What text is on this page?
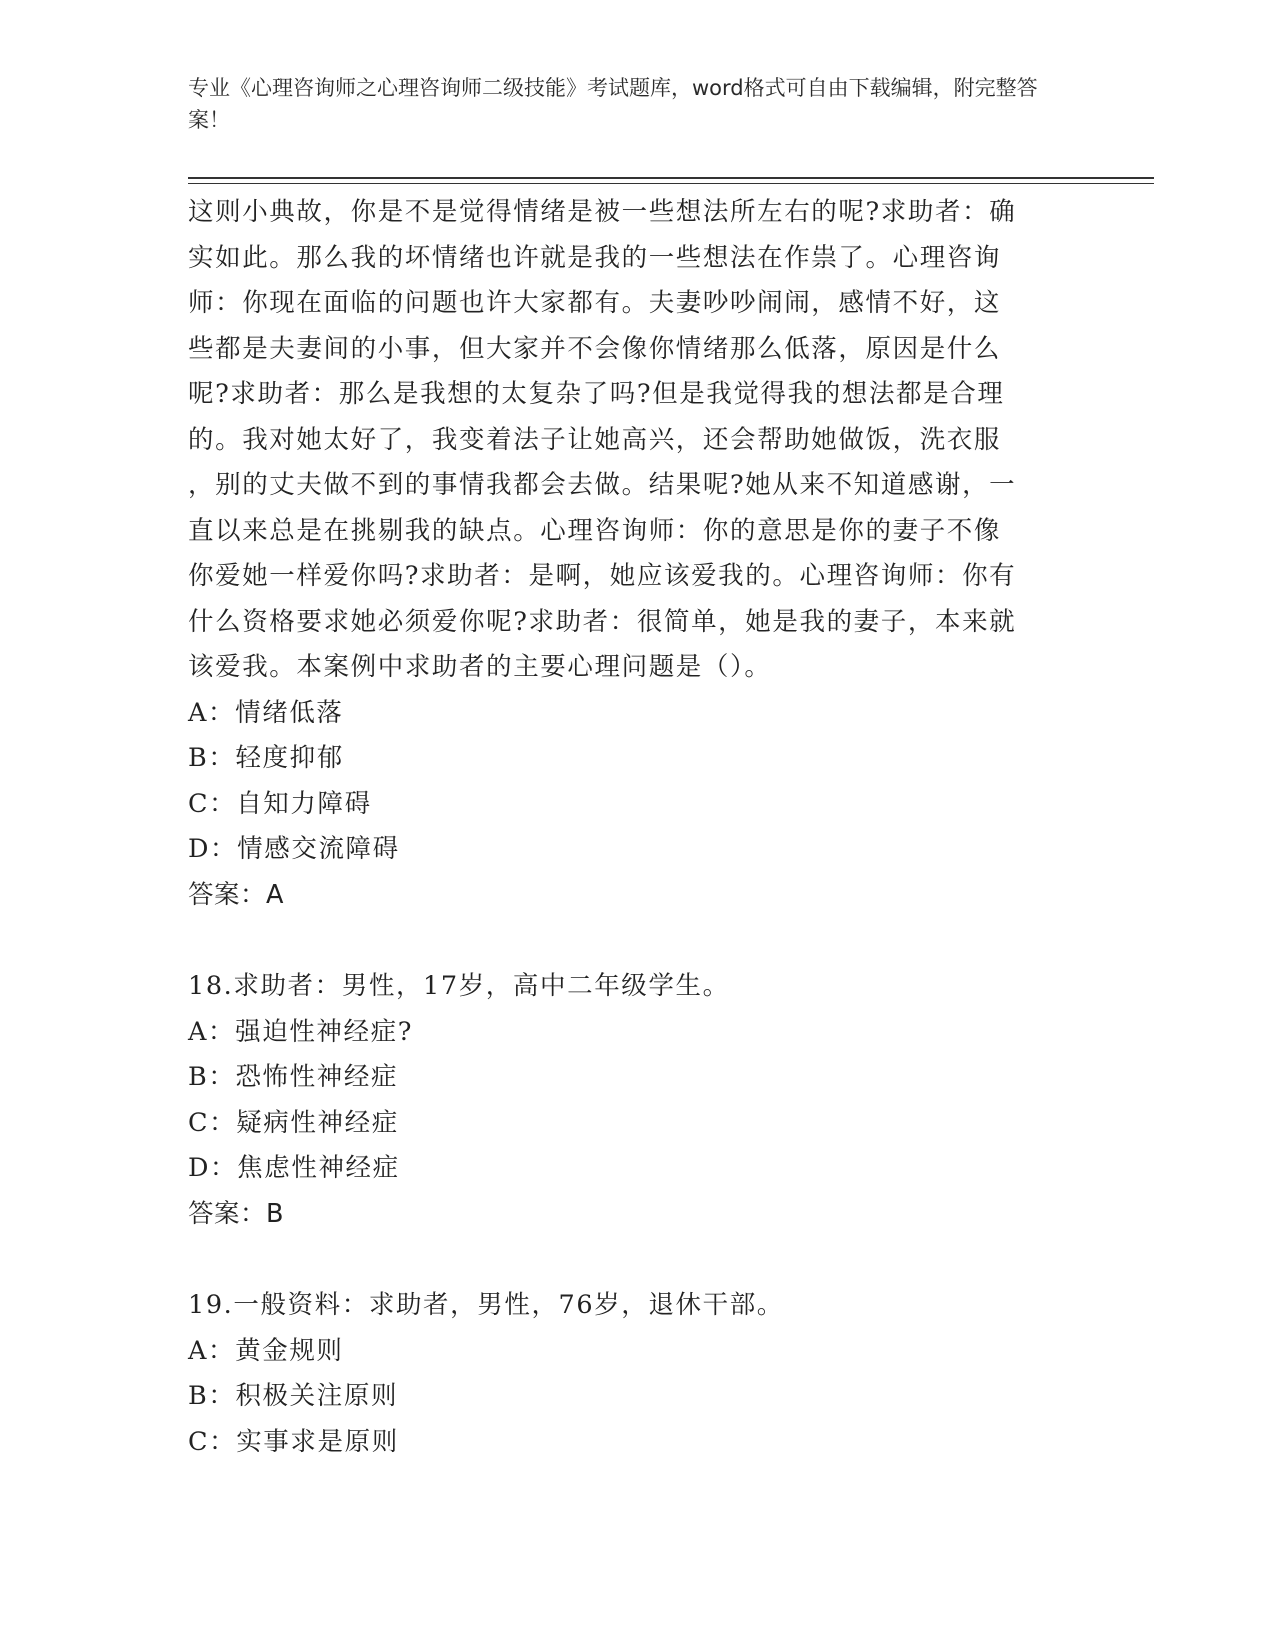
专业《心理咨询师之心理咨询师二级技能》考试题库，word格式可自由下载编辑，附完整答案！

这则小典故，你是不是觉得情绪是被一些想法所左右的呢?求助者：确

实如此。那么我的坏情绪也许就是我的一些想法在作祟了。心理咨询

师：你现在面临的问题也许大家都有。夫妻吵吵闹闹，感情不好，这

些都是夫妻间的小事，但大家并不会像你情绪那么低落，原因是什么

呢?求助者：那么是我想的太复杂了吗?但是我觉得我的想法都是合理

的。我对她太好了，我变着法子让她高兴，还会帮助她做饭，洗衣服

，别的丈夫做不到的事情我都会去做。结果呢?她从来不知道感谢，一

直以来总是在挑剔我的缺点。心理咨询师：你的意思是你的妻子不像

你爱她一样爱你吗?求助者：是啊，她应该爱我的。心理咨询师：你有

什么资格要求她必须爱你呢?求助者：很简单，她是我的妻子，本来就

该爱我。本案例中求助者的主要心理问题是（）。

A：情绪低落

B：轻度抑郁

C：自知力障碍

D：情感交流障碍

答案：A

18.求助者：男性，17岁，高中二年级学生。

A：强迫性神经症?

B：恐怖性神经症

C：疑病性神经症

D：焦虑性神经症

答案：B

19.一般资料：求助者，男性，76岁，退休干部。

A：黄金规则

B：积极关注原则

C：实事求是原则
